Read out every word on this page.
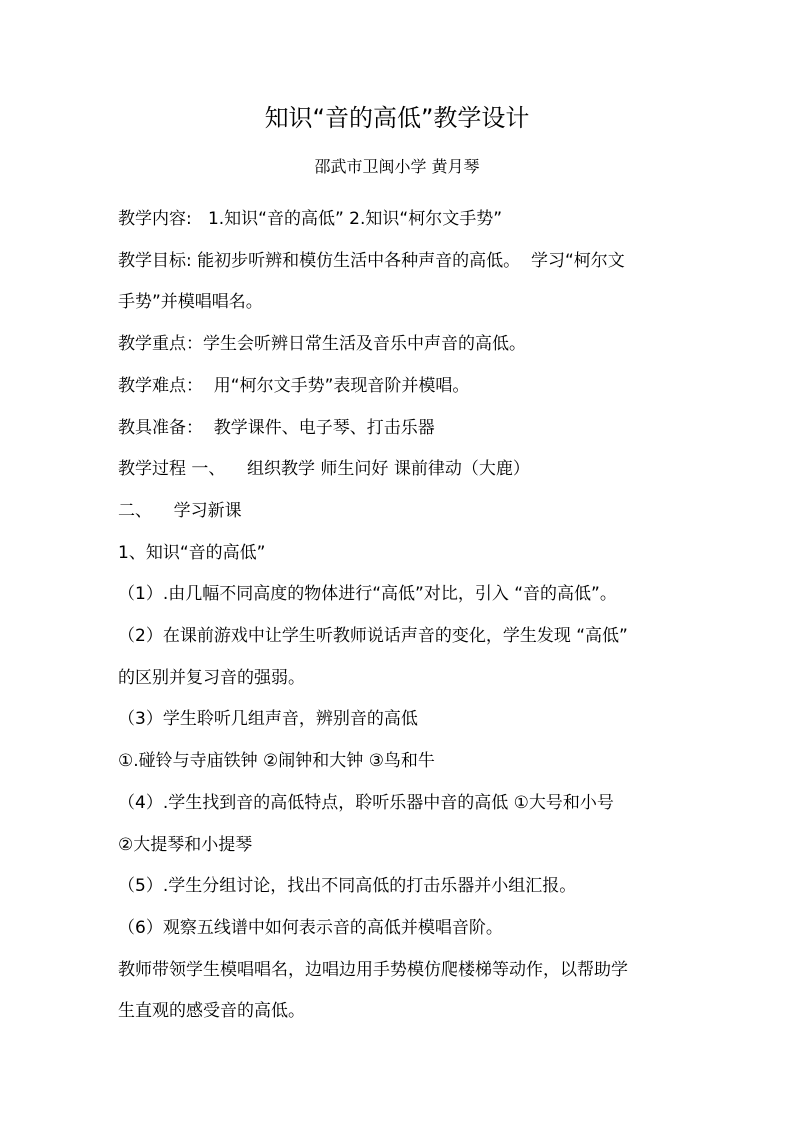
知识“音的高低”教学设计
邵武市卫闽小学 黄月琴

教学内容:   1.知识“音的高低” 2.知识“柯尔文手势”

教学目标: 能初步听辨和模仿生活中各种声音的高低。  学习“柯尔文

手势”并模唱唱名。

教学重点：学生会听辨日常生活及音乐中声音的高低。

教学难点：  用“柯尔文手势”表现音阶并模唱。

教具准备：  教学课件、电子琴、打击乐器

教学过程 一、    组织教学 师生问好 课前律动（大鹿）

二、    学习新课

1、知识“音的高低”

（1）.由几幅不同高度的物体进行“高低”对比，引入 “音的高低”。

（2）在课前游戏中让学生听教师说话声音的变化，学生发现 “高低”

的区别并复习音的强弱。

（3）学生聆听几组声音，辨别音的高低

①.碰铃与寺庙铁钟 ②闹钟和大钟 ③鸟和牛

（4）.学生找到音的高低特点，聆听乐器中音的高低 ①大号和小号

②大提琴和小提琴

（5）.学生分组讨论，找出不同高低的打击乐器并小组汇报。

（6）观察五线谱中如何表示音的高低并模唱音阶。

教师带领学生模唱唱名，边唱边用手势模仿爬楼梯等动作，以帮助学

生直观的感受音的高低。
